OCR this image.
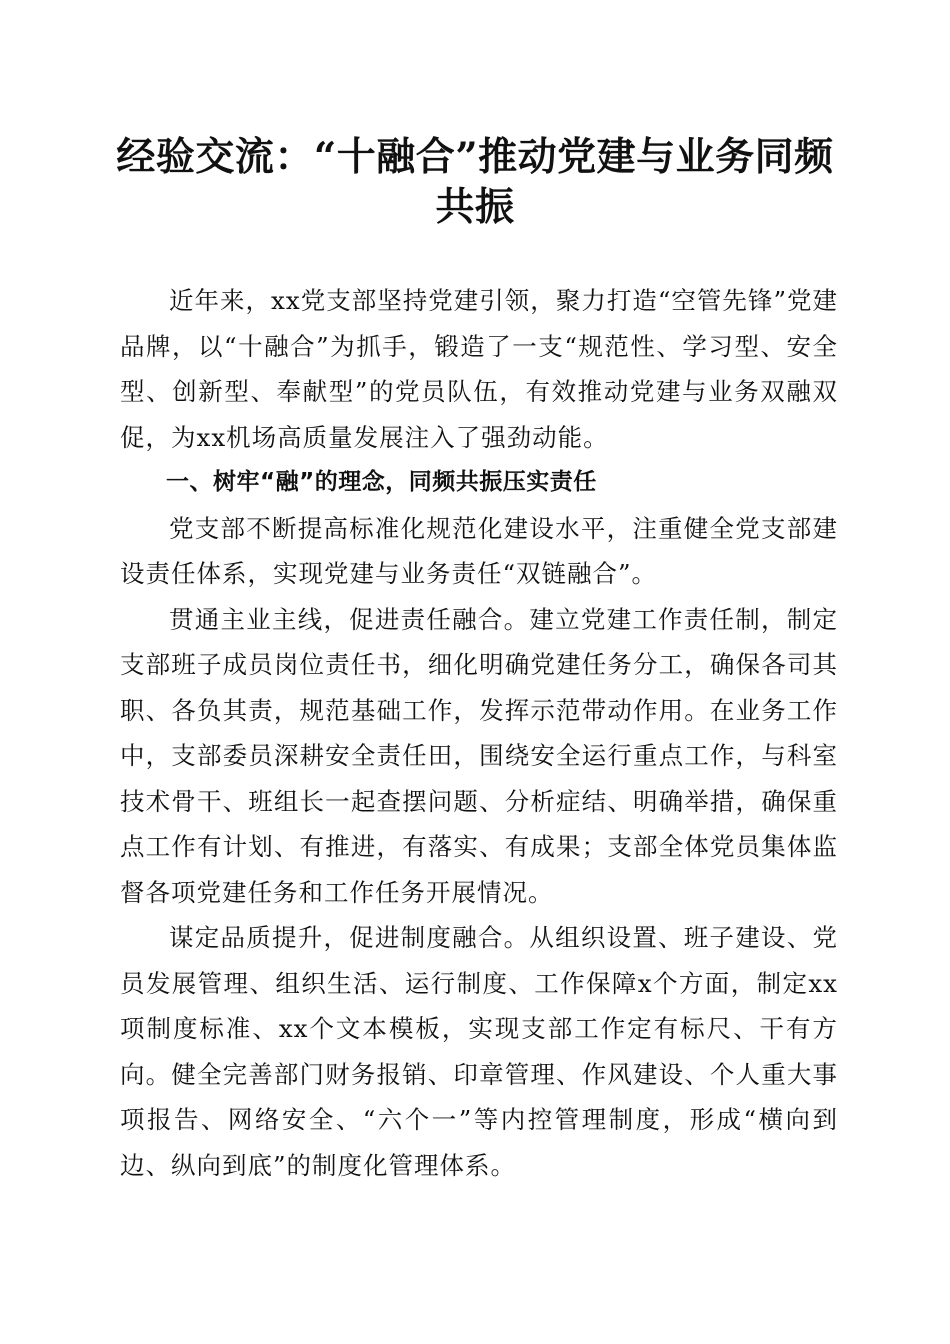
经验交流：“十融合”推动党建与业务同频共振

近年来，xx党支部坚持党建引领，聚力打造“空管先锋”党建品牌，以“十融合”为抓手，锻造了一支“规范性、学习型、安全型、创新型、奉献型”的党员队伍，有效推动党建与业务双融双促，为xx机场高质量发展注入了强劲动能。

一、树牢“融”的理念，同频共振压实责任

党支部不断提高标准化规范化建设水平，注重健全党支部建设责任体系，实现党建与业务责任“双链融合”。

贯通主业主线，促进责任融合。建立党建工作责任制，制定支部班子成员岗位责任书，细化明确党建任务分工，确保各司其职、各负其责，规范基础工作，发挥示范带动作用。在业务工作中，支部委员深耕安全责任田，围绕安全运行重点工作，与科室技术骨干、班组长一起查摆问题、分析症结、明确举措，确保重点工作有计划、有推进，有落实、有成果；支部全体党员集体监督各项党建任务和工作任务开展情况。

谋定品质提升，促进制度融合。从组织设置、班子建设、党员发展管理、组织生活、运行制度、工作保障x个方面，制定xx项制度标准、xx个文本模板，实现支部工作定有标尺、干有方向。健全完善部门财务报销、印章管理、作风建设、个人重大事项报告、网络安全、“六个一”等内控管理制度，形成“横向到边、纵向到底”的制度化管理体系。
